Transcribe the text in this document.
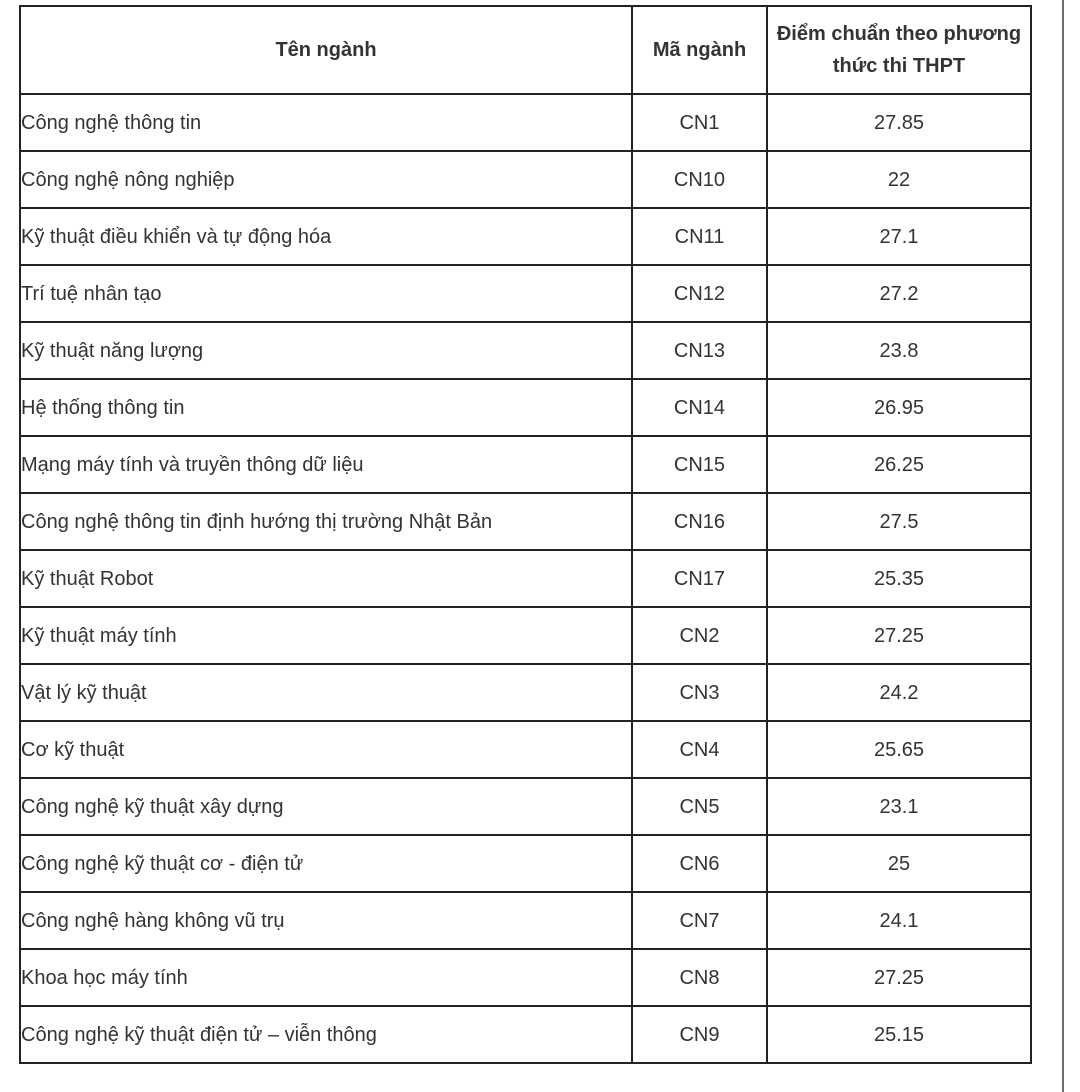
Tên ngành	Mã ngành	Điểm chuẩn theo phương thức thi THPT
Công nghệ thông tin	CN1	27.85
Công nghệ nông nghiệp	CN10	22
Kỹ thuật điều khiển và tự động hóa	CN11	27.1
Trí tuệ nhân tạo	CN12	27.2
Kỹ thuật năng lượng	CN13	23.8
Hệ thống thông tin	CN14	26.95
Mạng máy tính và truyền thông dữ liệu	CN15	26.25
Công nghệ thông tin định hướng thị trường Nhật Bản	CN16	27.5
Kỹ thuật Robot	CN17	25.35
Kỹ thuật máy tính	CN2	27.25
Vật lý kỹ thuật	CN3	24.2
Cơ kỹ thuật	CN4	25.65
Công nghệ kỹ thuật xây dựng	CN5	23.1
Công nghệ kỹ thuật cơ - điện tử	CN6	25
Công nghệ hàng không vũ trụ	CN7	24.1
Khoa học máy tính	CN8	27.25
Công nghệ kỹ thuật điện tử – viễn thông	CN9	25.15
